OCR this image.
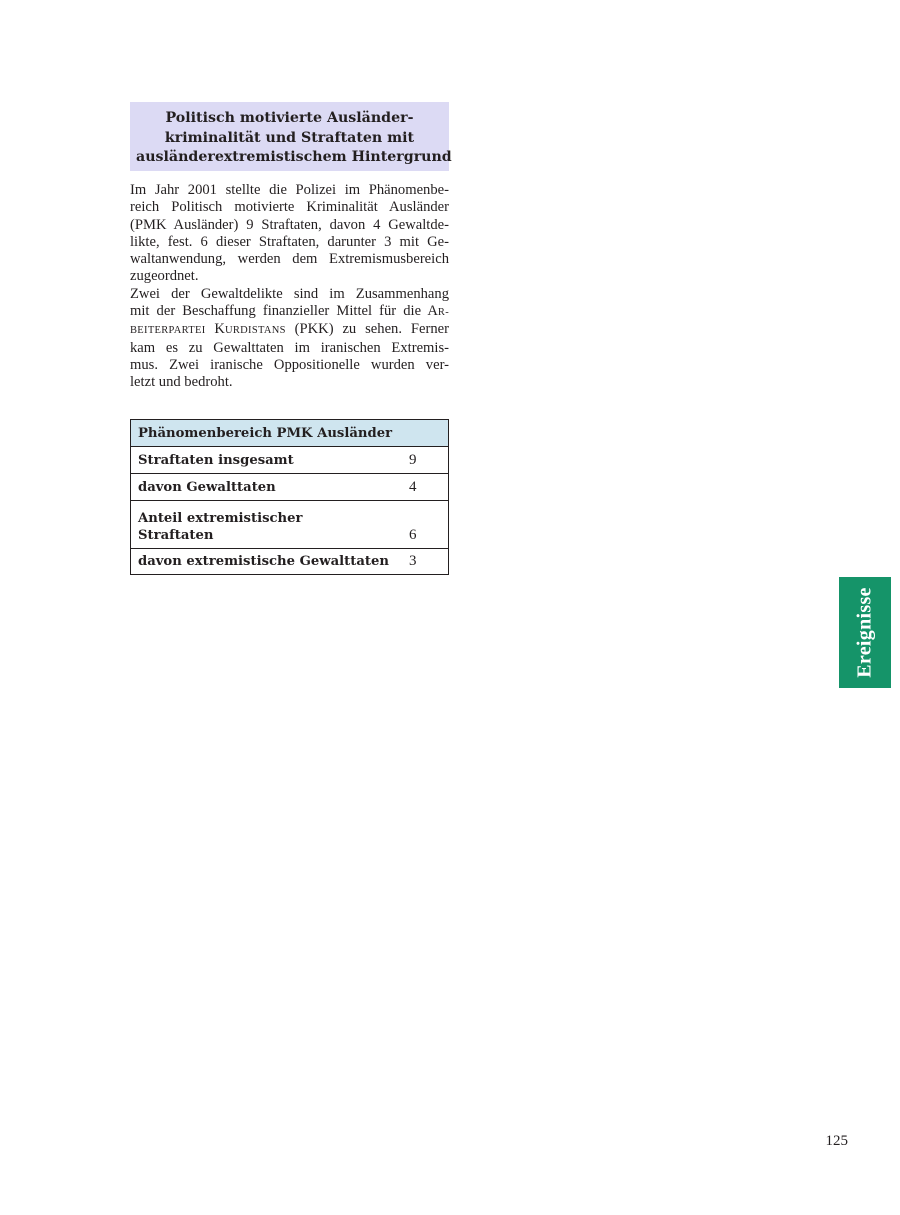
Politisch motivierte Ausländer-
kriminalität und Straftaten mit
ausländerextremistischem Hintergrund
Im Jahr 2001 stellte die Polizei im Phänomenbe-
reich Politisch motivierte Kriminalität Ausländer
(PMK Ausländer) 9 Straftaten, davon 4 Gewaltde-
likte, fest. 6 dieser Straftaten, darunter 3 mit Ge-
waltanwendung, werden dem Extremismusbereich
zugeordnet.
Zwei der Gewaltdelikte sind im Zusammenhang
mit der Beschaffung finanzieller Mittel für die AR-
BEITERPARTEI KURDISTANS (PKK) zu sehen. Ferner
kam es zu Gewalttaten im iranischen Extremis-
mus. Zwei iranische Oppositionelle wurden ver-
letzt und bedroht.
Phänomenbereich PMK Ausländer	
Straftaten insgesamt	9
davon Gewalttaten	4
Anteil extremistischer
Straftaten	6
davon extremistische Gewalttaten	3
Ereignisse
125
